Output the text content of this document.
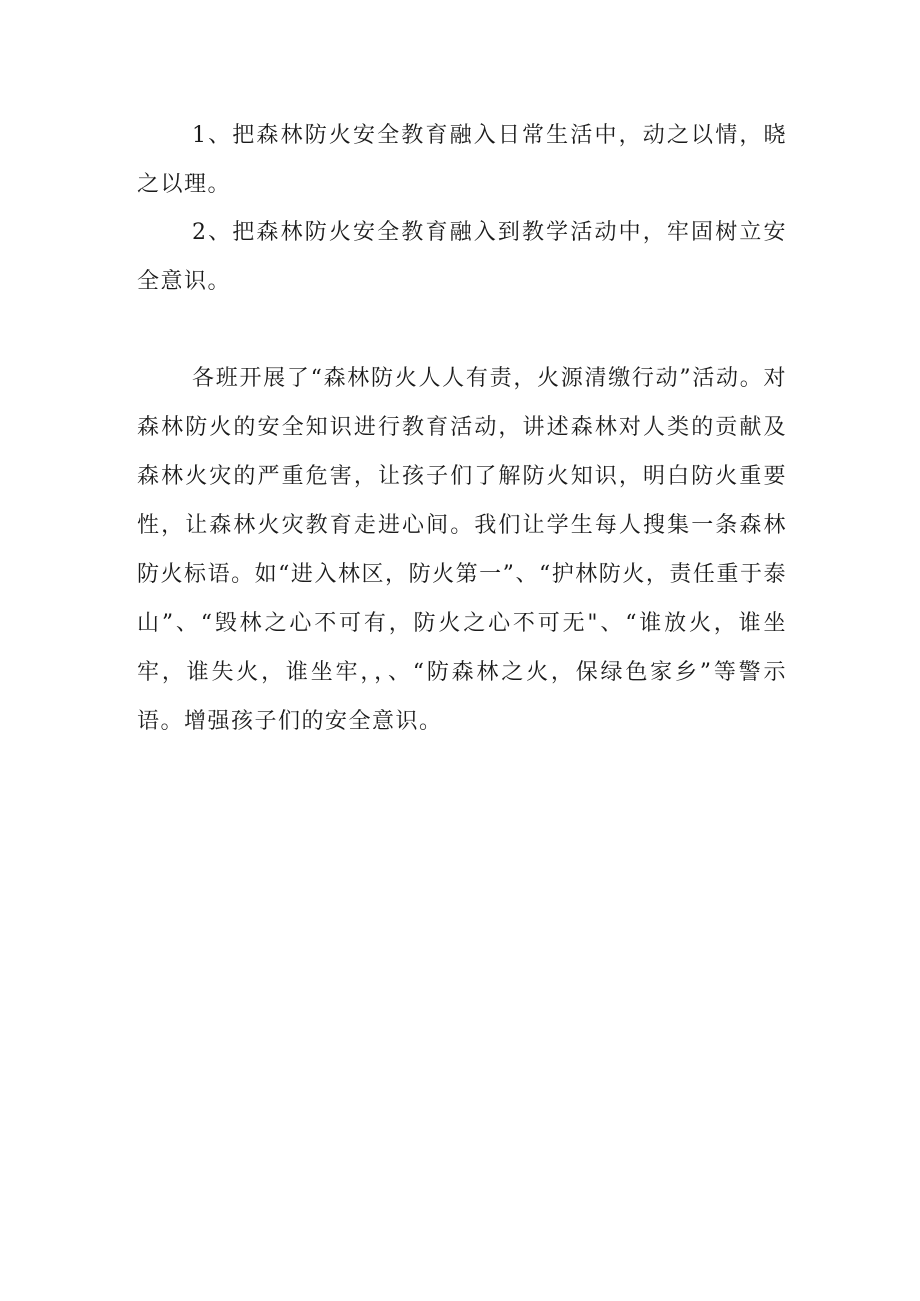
1、把森林防火安全教育融入日常生活中，动之以情，晓之以理。

2、把森林防火安全教育融入到教学活动中，牢固树立安全意识。

各班开展了“森林防火人人有责，火源清缴行动”活动。对森林防火的安全知识进行教育活动，讲述森林对人类的贡献及森林火灾的严重危害，让孩子们了解防火知识，明白防火重要性，让森林火灾教育走进心间。我们让学生每人搜集一条森林防火标语。如“进入林区，防火第一”、“护林防火，责任重于泰山”、“毁林之心不可有，防火之心不可无"、“谁放火，谁坐牢，谁失火，谁坐牢，，、“防森林之火，保绿色家乡”等警示语。增强孩子们的安全意识。
